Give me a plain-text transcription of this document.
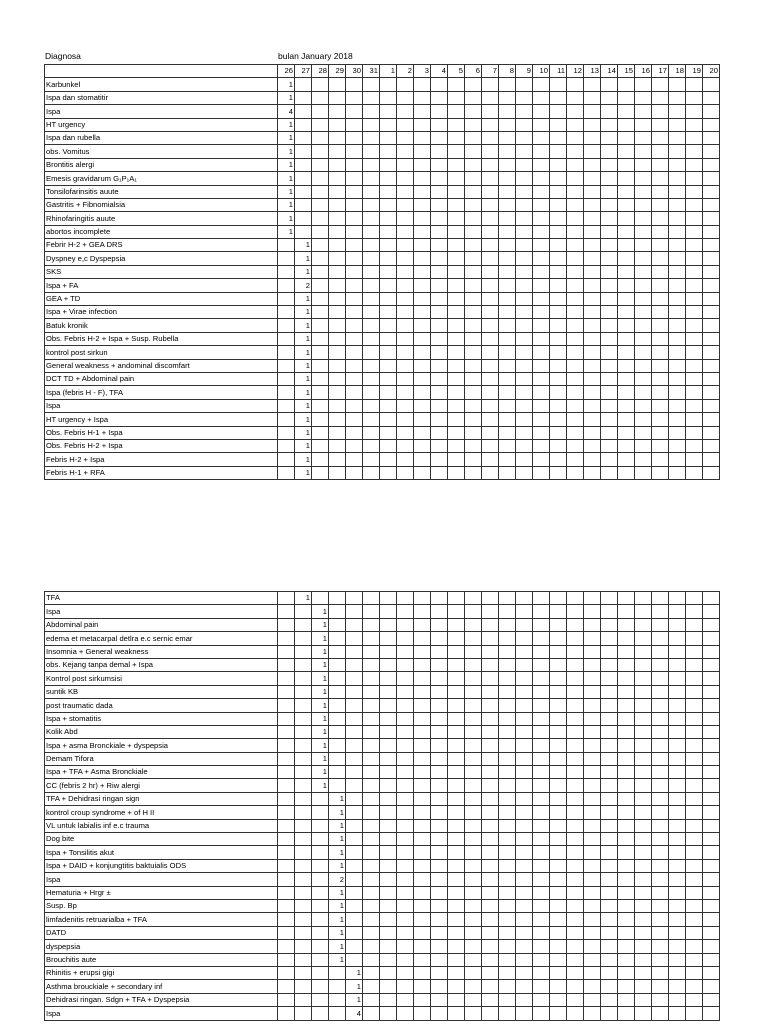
Diagnosa	bulan January 2018
	26	27	28	29	30	31	1	2	3	4	5	6	7	8	9	10	11	12	13	14	15	16	17	18	19	20
Karbunkel	1																									
Ispa dan stomatitir	1																									
Ispa	4																									
HT urgency	1																									
Ispa dan rubella	1																									
obs. Vomitus	1																									
Brontitis alergi	1																									
Emesis gravidarum G₁P₁A₁	1																									
Tonsilofarinsitis auute	1																									
Gastritis + Fibnomialsia	1																									
Rhinofaringitis auute	1																									
abortos incomplete	1																									
Febrir H-2 + GEA DRS		1																								
Dyspney e,c Dyspepsia		1																								
SKS		1																								
Ispa + FA		2																								
GEA + TD		1																								
Ispa + Virae infection		1																								
Batuk kronik		1																								
Obs. Febris H-2 + Ispa + Susp. Rubella		1																								
kontrol post sirkun		1																								
General weakness + andominal discomfart		1																								
DCT TD + Abdominal pain		1																								
Ispa (febris H - F), TFA		1																								
Ispa		1																								
HT urgency + Ispa		1																								
Obs. Febris H-1 + Ispa		1																								
Obs. Febris H-2 + Ispa		1																								
Febris H-2 + Ispa		1																								
Febris H-1 + RFA		1																								
TFA		1																								
Ispa			1																							
Abdominal pain			1																							
edema et metacarpal detlra e.c sernic emar			1																							
Insomnia + General weakness			1																							
obs. Kejang tanpa demal + Ispa			1																							
Kontrol post sirkumsisi			1																							
suntik KB			1																							
post traumatic dada			1																							
Ispa + stomatitis			1																							
Kolik Abd			1																							
Ispa + asma Bronckiale + dyspepsia			1																							
Demam Tifora			1																							
Ispa + TFA + Asma Bronckiale			1																							
CC (febris 2 hr) + Riw alergi			1																							
TFA + Dehidrasi ringan sign				1																						
kontrol croup syndrome + of H II				1																						
VL untuk labialis inf e.c trauma				1																						
Dog bite				1																						
Ispa + Tonsilitis akut				1																						
Ispa + DAID + konjungtitis baktuialis ODS				1																						
Ispa				2																						
Hematuria + Hrgr ±				1																						
Susp. Bp				1																						
limfadenitis retruarialba + TFA				1																						
DATD				1																						
dyspepsia				1																						
Brouchitis aute				1																						
Rhinitis + erupsi gigi					1																					
Asthma brouckiale + secondary inf					1																					
Dehidrasi ringan. Sdgn + TFA + Dyspepsia					1																					
Ispa					4																					
